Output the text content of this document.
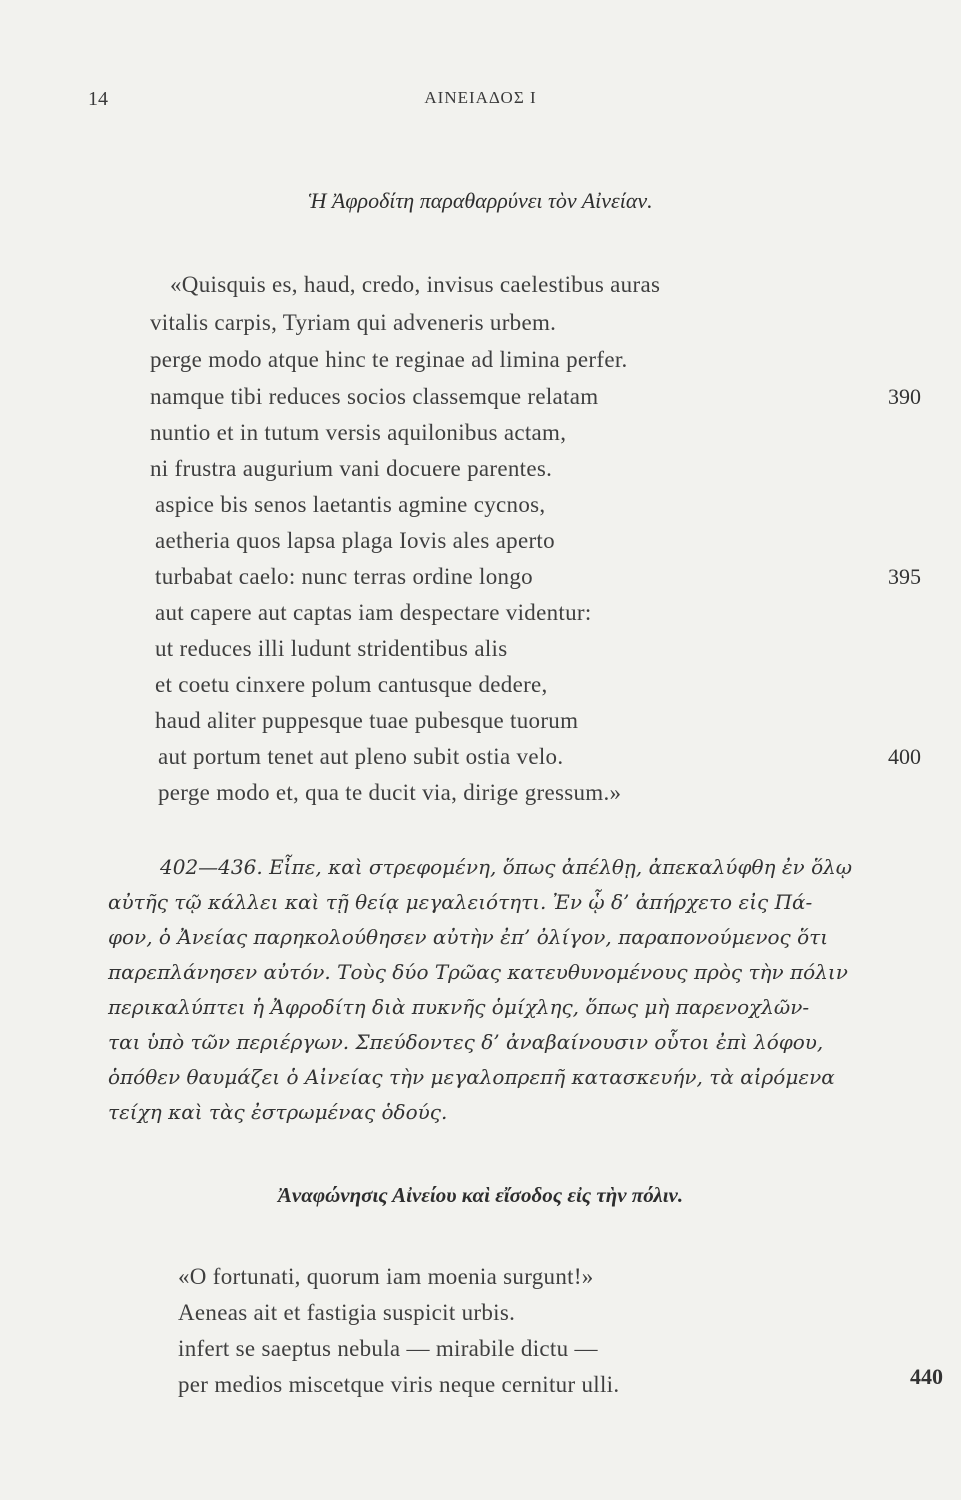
14	ΑΙΝΕΙΑΔΟΣ Ι
Ἡ Ἀφροδίτη παραθαρρύνει τὸν Αἰνείαν.
«Quisquis es, haud, credo, invisus caelestibus auras
vitalis carpis, Tyriam qui adveneris urbem.
perge modo atque hinc te reginae ad limina perfer.
namque tibi reduces socios classemque relatam
nuntio et in tutum versis aquilonibus actam,
ni frustra augurium vani docuere parentes.
aspice bis senos laetantis agmine cycnos,
aetheria quos lapsa plaga Iovis ales aperto
turbabat caelo: nunc terras ordine longo
aut capere aut captas iam despectare videntur:
ut reduces illi ludunt stridentibus alis
et coetu cinxere polum cantusque dedere,
haud aliter puppesque tuae pubesque tuorum
aut portum tenet aut pleno subit ostia velo.
perge modo et, qua te ducit via, dirige gressum.»
390
395
400
402—436. Εἶπε, καὶ στρεφομένη, ὅπως ἀπέλθῃ, ἀπεκαλύφθη ἐν ὅλῳ
αὐτῆς τῷ κάλλει καὶ τῇ θείᾳ μεγαλειότητι. Ἐν ᾧ δ’ ἀπήρχετο εἰς Πά-
φον, ὁ Ἀνείας παρηκολούθησεν αὐτὴν ἐπ’ ὀλίγον, παραπονούμενος ὅτι
παρεπλάνησεν αὐτόν. Τοὺς δύο Τρῶας κατευθυνομένους πρὸς τὴν πόλιν
περικαλύπτει ἡ Ἀφροδίτη διὰ πυκνῆς ὁμίχλης, ὅπως μὴ παρενοχλῶν-
ται ὑπὸ τῶν περιέργων. Σπεύδοντες δ’ ἀναβαίνουσιν οὗτοι ἐπὶ λόφου,
ὁπόθεν θαυμάζει ὁ Αἰνείας τὴν μεγαλοπρεπῆ κατασκευήν, τὰ αἰρόμενα
τείχη καὶ τὰς ἐστρωμένας ὁδούς.
Ἀναφώνησις Αἰνείου καὶ εἴσοδος εἰς τὴν πόλιν.
«O fortunati, quorum iam moenia surgunt!»
Aeneas ait et fastigia suspicit urbis.
infert se saeptus nebula — mirabile dictu —
per medios miscetque viris neque cernitur ulli.	440
